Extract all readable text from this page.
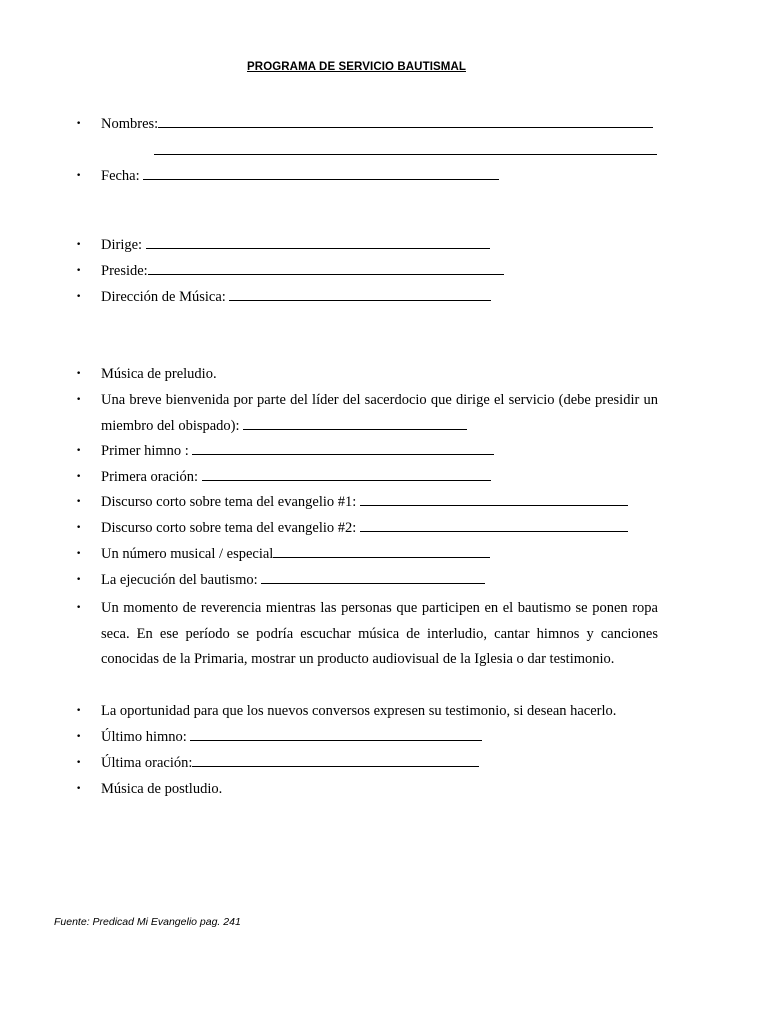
PROGRAMA DE SERVICIO BAUTISMAL
• Nombres:
• Fecha:
• Dirige:
• Preside:
• Dirección de Música:
• Música de preludio.
• Una breve bienvenida por parte del líder del sacerdocio que dirige el servicio (debe presidir un miembro del obispado):
• Primer himno :
• Primera oración:
• Discurso corto sobre tema del evangelio #1:
• Discurso corto sobre tema del evangelio #2:
• Un número musical / especial
• La ejecución del bautismo:
• Un momento de reverencia mientras las personas que participen en el bautismo se ponen ropa seca. En ese período se podría escuchar música de interludio, cantar himnos y canciones conocidas de la Primaria, mostrar un producto audiovisual de la Iglesia o dar testimonio.
• La oportunidad para que los nuevos conversos expresen su testimonio, si desean hacerlo.
• Último himno:
• Última oración:
• Música de postludio.
Fuente: Predicad Mi Evangelio pag. 241
